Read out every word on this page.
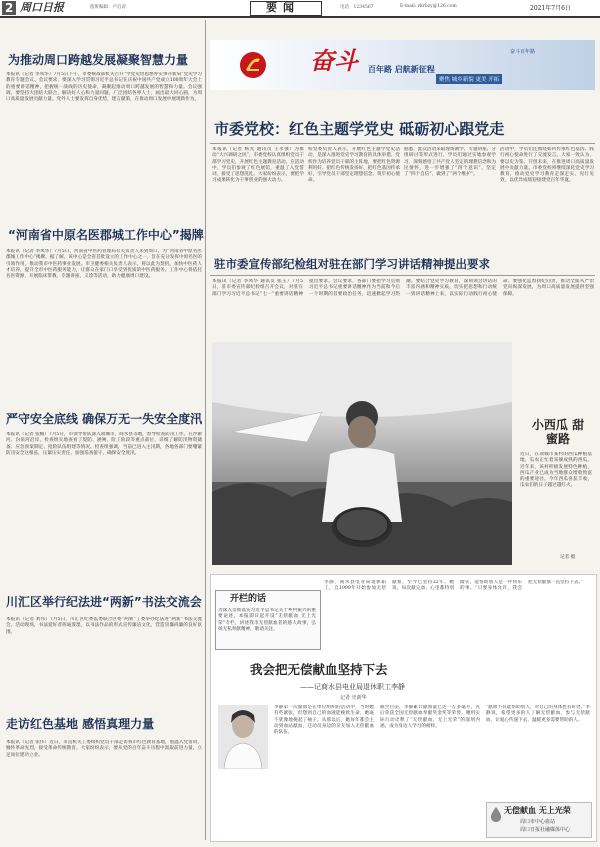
2 周口日报	值班编辑：卢启涛	要闻	电话：1234567	E-mail: zkrbzy@126.com	2021年7月6日
为推动周口跨越发展凝聚智慧力量
本报讯（记者 李凤华）7月5日下午，市委统战部机关召开“学党史悟思想办实事开新局”党史学习教育专题会议。会议要求，要深入学习贯彻习近平总书记在庆祝中国共产党成立100周年大会上的重要讲话精神，把握统一战线的历史使命，凝聚起推动周口跨越发展的智慧和力量。会议强调，要坚持大团结大联合，解决好人心和力量问题，广泛团结各界人士，画出最大同心圆，为周口高质量发展贡献力量。党外人士要发挥自身优势，建言献策，在推动周口发展中展现新作为。
“河南省中原名医郡城工作中心”揭牌
本报讯（记者 李凤华）7月5日，河南省中医药管理局有关负责人来到周口，为“河南省中原名医郡城工作中心”揭牌。据了解，该中心是全省首批设立的工作中心之一，旨在充分发挥中原名医的引领作用，推动我市中医药事业发展。市卫健委相关负责人表示，将以此为契机，加快中医药人才培养，提升全市中医药服务能力，让群众在家门口享受到优质的中医药服务。工作中心将依托名医资源，开展临床带教、专题讲座、义诊等活动，助力健康周口建设。
严守安全底线 确保万无一失安全度汛
本报讯（记者 张楠）7月5日，市领导带队深入项城市、商水县等地，督导检查防汛工作。在沙颍河、汾泉河沿岸，检查组实地查看了堤防、涵闸、险工险段等重点部位，详细了解防汛物资储备、应急预案制定、抢险队伍组建等情况。检查组强调，当前已进入主汛期，各地各部门要绷紧防汛安全这根弦，压紧压实责任，加强巡查值守，确保安全度汛。
川汇区举行纪法进“两新”书法交流会
本报讯（记者 刘伟）7月5日，川汇区纪委监委联合区委“两新”工委举办纪法进“两新”书法交流会。活动现场，书法爱好者挥毫泼墨，以书法作品的形式宣传廉洁文化，营造崇廉尚廉的良好氛围。
走访红色基地 感悟真理力量
本报讯（记者 张伟）近日，市直机关工委组织党员干部走访我市红色教育基地，重温入党誓词，缅怀革命先烈，接受革命传统教育。大家纷纷表示，要从党的百年奋斗历程中汲取前进力量，立足岗位建功立业。
奋斗 百年路 启航新征程
聚焦 城乡新貌 更美 开拓
奋斗百年路
市委党校：红色主题学党史 砥砺初心跟党走
本报讯（记者 杨光 通讯员 王永强）为推动“大兴调研之风”，市委党校认真组织党员干部学习党史，开展红色主题教育活动。在活动中，学员们参观了红色展馆，重温了入党誓词，接受了思想洗礼。大家纷纷表示，要把学习成果转化为干事创业的强大动力。
校党委负责人表示，开展红色主题学党史活动，是深入推进党史学习教育的具体举措。党校作为培养党员干部的主阵地，要把红色资源利用好、把红色传统发扬好、把红色基因传承好，引导党员干部坚定理想信念，筑牢初心使命。
据悉，此次活动采取现场教学、专题讲座、分组研讨等形式进行，学员们通过实地参观学习，深刻感悟了共产党人坚定的理想信念和为民情怀，进一步增强了“四个意识”、坚定了“四个自信”、做到了“两个维护”。
活动中，学员们还围绕如何传承红色基因、践行初心使命进行了交流发言。大家一致认为，要以史为鉴、开创未来，在推进周口高质量发展中贡献力量。市委党校将继续深化党史学习教育，推动党史学习教育走深走实、见行见效，以优异成绩迎接建党百年华诞。
驻市委宣传部纪检组对驻在部门学习讲话精神提出要求
本报讯（记者 李凤华 通讯员 张玉）7月5日，驻市委宣传部纪检组召开会议，对驻在部门学习习近平总书记“七一”重要讲话精神提出要求。会议要求，各部门要把学习贯彻习近平总书记重要讲话精神作为当前和今后一个时期的首要政治任务，迅速掀起学习热潮。要结合党史学习教育，深刻领会讲话的丰富内涵和精神实质，切实把思想和行动统一到讲话精神上来，以实际行动践行初心使命。要强化监督执纪问责，推动全面从严治党向纵深发展，为周口高质量发展提供坚强保障。
小西瓜 甜蜜路
近日，在项城市某村的西瓜种植基地，瓜农正忙着采摘成熟的西瓜。近年来，该村积极发展特色种植，西瓜产业已成为当地群众增收致富的重要途径。今年西瓜喜获丰收，瓜农们的日子越过越红火。
记者 摄
开栏的话
为深入贯彻落实习近平总书记关于乡村振兴的重要论述，本报即日起开设“无偿献血 无上光荣”专栏，讲述我市无偿献血者的感人故事，弘扬无私奉献精神，敬请关注。
李静，商水县电业局退休职工，自1999年开始参加无偿献血，至今已坚持22年。她说，每次献完血，心里都特别踏实，能帮助别人是一件快乐的事。“只要身体允许，我会把无偿献血一直坚持下去。”
我会把无偿献血坚持下去
——记商水县电业局退休职工李静
记者 史新华
李静第一次献血是在单位组织的活动中，当时她有些紧张，但想到自己的血液能挽救生命，她毫不犹豫地挽起了袖子。从那以后，她每年都会主动到血站献血，还动员身边的亲友加入无偿献血的队伍。
截至目前，李静累计献血量已达一万多毫升，先后荣获全国无偿献血奉献奖金奖等荣誉。她用实际行动诠释了“无偿献血、无上光荣”的深刻内涵，成为身边人学习的榜样。
“献血不仅能帮助别人，对自己的身体也有好处。”李静说，希望更多的人了解无偿献血、参与无偿献血，让爱心传递下去，温暖更多需要帮助的人。
无偿献血 无上光荣
周口市中心血站
周口日报社融媒体中心
